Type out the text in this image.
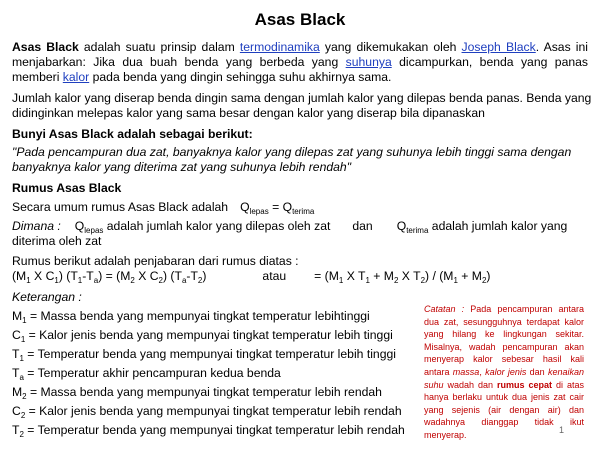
Asas Black
Asas Black adalah suatu prinsip dalam termodinamika yang dikemukakan oleh Joseph Black. Asas ini
menjabarkan: Jika dua buah benda yang berbeda yang suhunya dicampurkan, benda yang panas
memberi kalor pada benda yang dingin sehingga suhu akhirnya sama.
Jumlah kalor yang diserap benda dingin sama dengan jumlah kalor yang dilepas benda panas. Benda yang
didinginkan melepas kalor yang sama besar dengan kalor yang diserap bila dipanaskan
Bunyi Asas Black adalah sebagai berikut:
"Pada pencampuran dua zat, banyaknya kalor yang dilepas zat yang suhunya lebih tinggi sama dengan
banyaknya kalor yang diterima zat yang suhunya lebih rendah"
Rumus Asas Black
Secara umum rumus Asas Black adalah $Q_{lepas} = Q_{terima}$
Dimana : $Q_{lepas}$ adalah jumlah kalor yang dilepas oleh zat dan $Q_{terima}$ adalah jumlah kalor yang
diterima oleh zat
Rumus berikut adalah penjabaran dari rumus diatas :
($M_1$ X $C_1$) $(T_1-T_a) = (M_2$ X $C_2$) $(T_a-T_2)$	atau = ($M_1$ X $T_1 + M_2$ X $T_2) / (M_1 + M_2)$
Keterangan :
$M_1$ = Massa benda yang mempunyai tingkat temperatur lebihtinggi
$C_1$ = Kalor jenis benda yang mempunyai tingkat temperatur lebih tinggi
$T_1$ = Temperatur benda yang mempunyai tingkat temperatur lebih tinggi
$T_a$ = Temperatur akhir pencampuran kedua benda
$M_2$ = Massa benda yang mempunyai tingkat temperatur lebih rendah
$C_2$ = Kalor jenis benda yang mempunyai tingkat temperatur lebih rendah
$T_2$ = Temperatur benda yang mempunyai tingkat temperatur lebih rendah
Catatan : Pada pencampuran antara dua zat, sesungguhnya terdapat kalor yang hilang ke lingkungan sekitar. Misalnya, wadah pencampuran akan menyerap kalor sebesar hasil kali antara massa, kalor jenis dan kenaikan suhu wadah dan rumus cepat di atas hanya berlaku untuk dua jenis zat cair yang sejenis (air dengan air) dan wadahnya dianggap tidak ikut menyerap.	1
